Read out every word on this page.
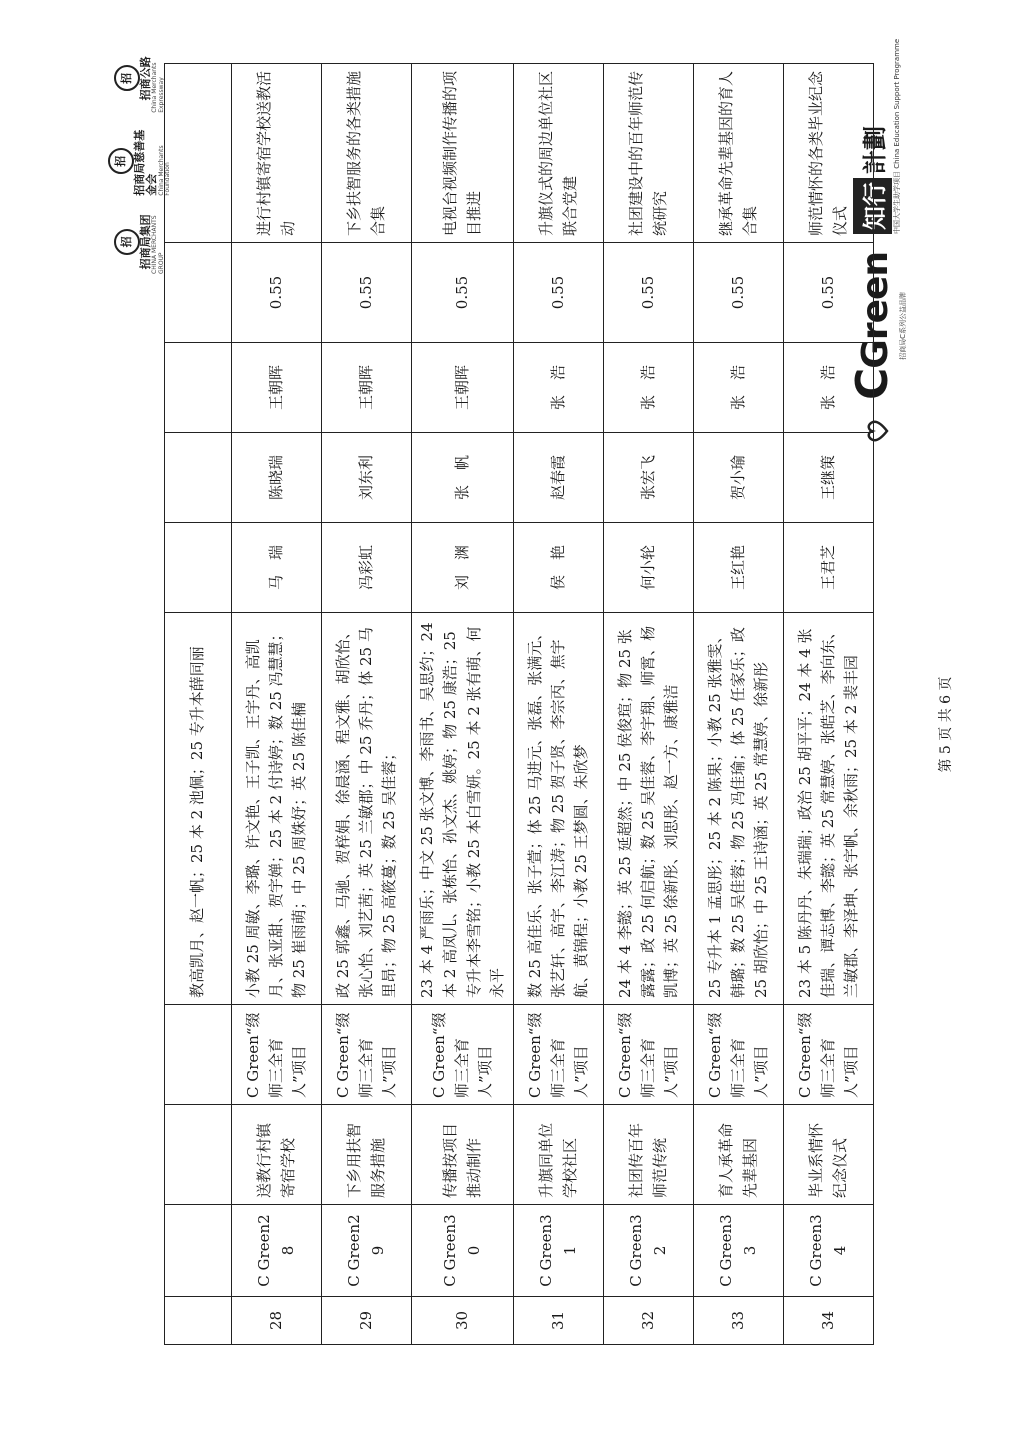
招 招商局集团 CHINA MERCHANTS GROUP
招 招商局慈善基金会 China Merchants Foundation
招 招商公路 China Merchants Expressway
CGreen 招商局C系列公益品牌
知行
計劃 中国大学生助学项目 China Education Support Programme
				教高凯月、赵一帆；25 本 2 池佩；25 专升本薛同丽					
28	C Green28	送教行村镇寄宿学校	C Green“缀师三全育人”项目	小教 25 周敏、李璐、许文艳、王子凯、王宇丹、高凯月、张亚甜、贺宇婵；25 本 2 付诗婷；数 25 冯慧慧；物 25 崔雨萌；中 25 周姝妤；英 25 陈佳楠	马　瑞	陈晓瑞	王朝晖	0.55	进行村镇寄宿学校送教活动
29	C Green29	下乡用扶智服务措施	C Green“缀师三全育人”项目	政 25 郭鑫、马驰、贺梓娟、徐晨涵、程文雅、胡欣怡、张心怡、刘艺茜；英 25 兰敏郡；中 25 乔丹；体 25 马里昂；物 25 高筱蔓；数 25 吴佳蓉；	冯彩虹	刘东利	王朝晖	0.55	下乡扶智服务的各类措施合集
30	C Green30	传播按项目推动制作	C Green“缀师三全育人”项目	23 本 4 严雨乐；中文 25 张文博、李雨书、吴思约；24 本 2 高凤儿、张栋怡、孙文杰、姚婷；物 25 康浩；25 专升本李雪铭；小教 25 本白雪妍。25 本 2 张有萌、何永平	刘　渊	张　帆	王朝晖	0.55	电视台视频制作传播的项目推进
31	C Green31	升旗同单位学校社区	C Green“缀师三全育人”项目	数 25 高佳乐、张子萱；体 25 马进元、张磊、张满元、张艺轩、高宇、李江涛；物 25 贺子贤、李宗丙、焦宇航、黄锦程；小教 25 王梦圆、朱欣梦	侯　艳	赵春霞	张　浩	0.55	升旗仪式的周边单位社区联合党建
32	C Green32	社团传百年师范传统	C Green“缀师三全育人”项目	24 本 4 李懿；英 25 延超然；中 25 侯俊瑄；物 25 张露露；政 25 何启航；数 25 吴佳蓉、李宇翔、师霄、杨凯博；英 25 徐新彤、刘思彤、赵一方、康雅洁	何小轮	张宏飞	张　浩	0.55	社团建设中的百年师范传统研究
33	C Green33	育人承革命先辈基因	C Green“缀师三全育人”项目	25 专升本 1 孟思彤；25 本 2 陈果；小教 25 张雅雯、韩璐；数 25 吴佳蓉；物 25 冯佳瑜；体 25 任家乐；政 25 胡欣怡；中 25 王诗涵；英 25 常慧婷、徐新彤	王红艳	贺小瑜	张　浩	0.55	继承革命先辈基因的育人合集
34	C Green34	毕业系情怀纪念仪式	C Green“缀师三全育人”项目	23 本 5 陈丹丹、朱瑞瑞；政治 25 胡平平；24 本 4 张佳瑞、谭志博、李懿；英 25 常慧婷、张皓芝、李向东、兰敏郡、李泽坤、张宇帆、余秋雨；25 本 2 裴丰园	王君芝	王继策	张　浩	0.55	师范情怀的各类毕业纪念仪式
第 5 页 共 6 页
